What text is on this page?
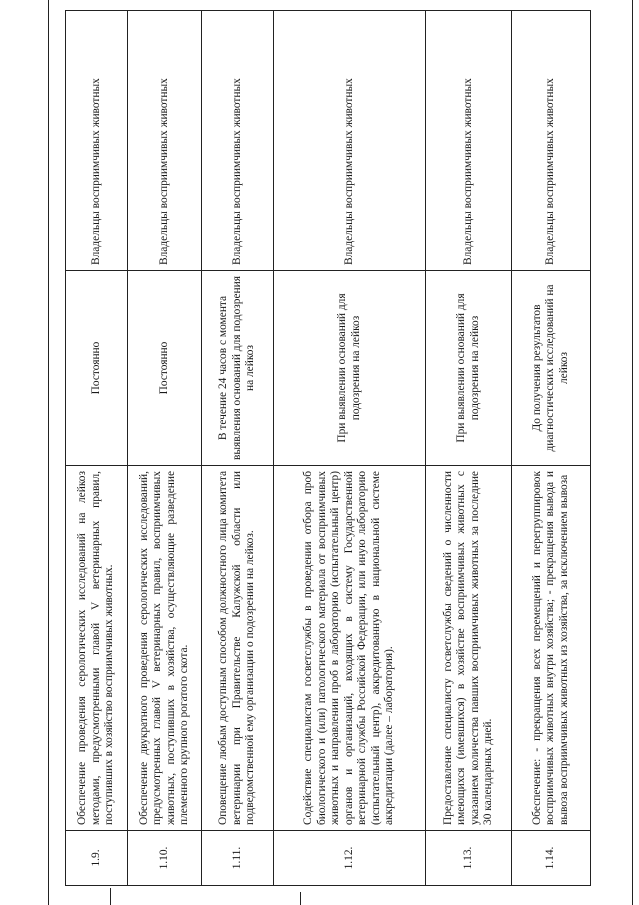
1.9.	Обеспечение проведения серологических исследований на лейкоз методами, предусмотренными главой V ветеринарных правил, поступивших в хозяйство восприимчивых животных.	Постоянно	Владельцы восприимчивых животных
1.10.	Обеспечение двукратного проведения серологических исследований, предусмотренных главой V ветеринарных правил, восприимчивых животных, поступивших в хозяйства, осуществляющие разведение племенного крупного рогатого скота.	Постоянно	Владельцы восприимчивых животных
1.11.	Оповещение любым доступным способом должностного лица комитета ветеринарии при Правительстве Калужской области или подведомственной ему организации о подозрении на лейкоз.	В течение 24 часов с момента выявления оснований для подозрения на лейкоз	Владельцы восприимчивых животных
1.12.	Содействие специалистам госветслужбы в проведении отбора проб биологического и (или) патологического материала от восприимчивых животных и направлении проб в лабораторию (испытательный центр) органов и организаций, входящих в систему Государственной ветеринарной службы Российской Федерации, или иную лабораторию (испытательный центр), аккредитованную в национальной системе аккредитации (далее – лаборатория).	При выявлении оснований для подозрения на лейкоз	Владельцы восприимчивых животных
1.13.	Предоставление специалисту госветслужбы сведений о численности имеющихся (имевшихся) в хозяйстве восприимчивых животных с указанием количества павших восприимчивых животных за последние 30 календарных дней.	При выявлении оснований для подозрения на лейкоз	Владельцы восприимчивых животных
1.14.	Обеспечение: - прекращения всех перемещений и перегруппировок восприимчивых животных внутри хозяйства; - прекращения вывода и вывоза восприимчивых животных из хозяйства, за исключением вывоза	До получения результатов диагностических исследований на лейкоз	Владельцы восприимчивых животных
